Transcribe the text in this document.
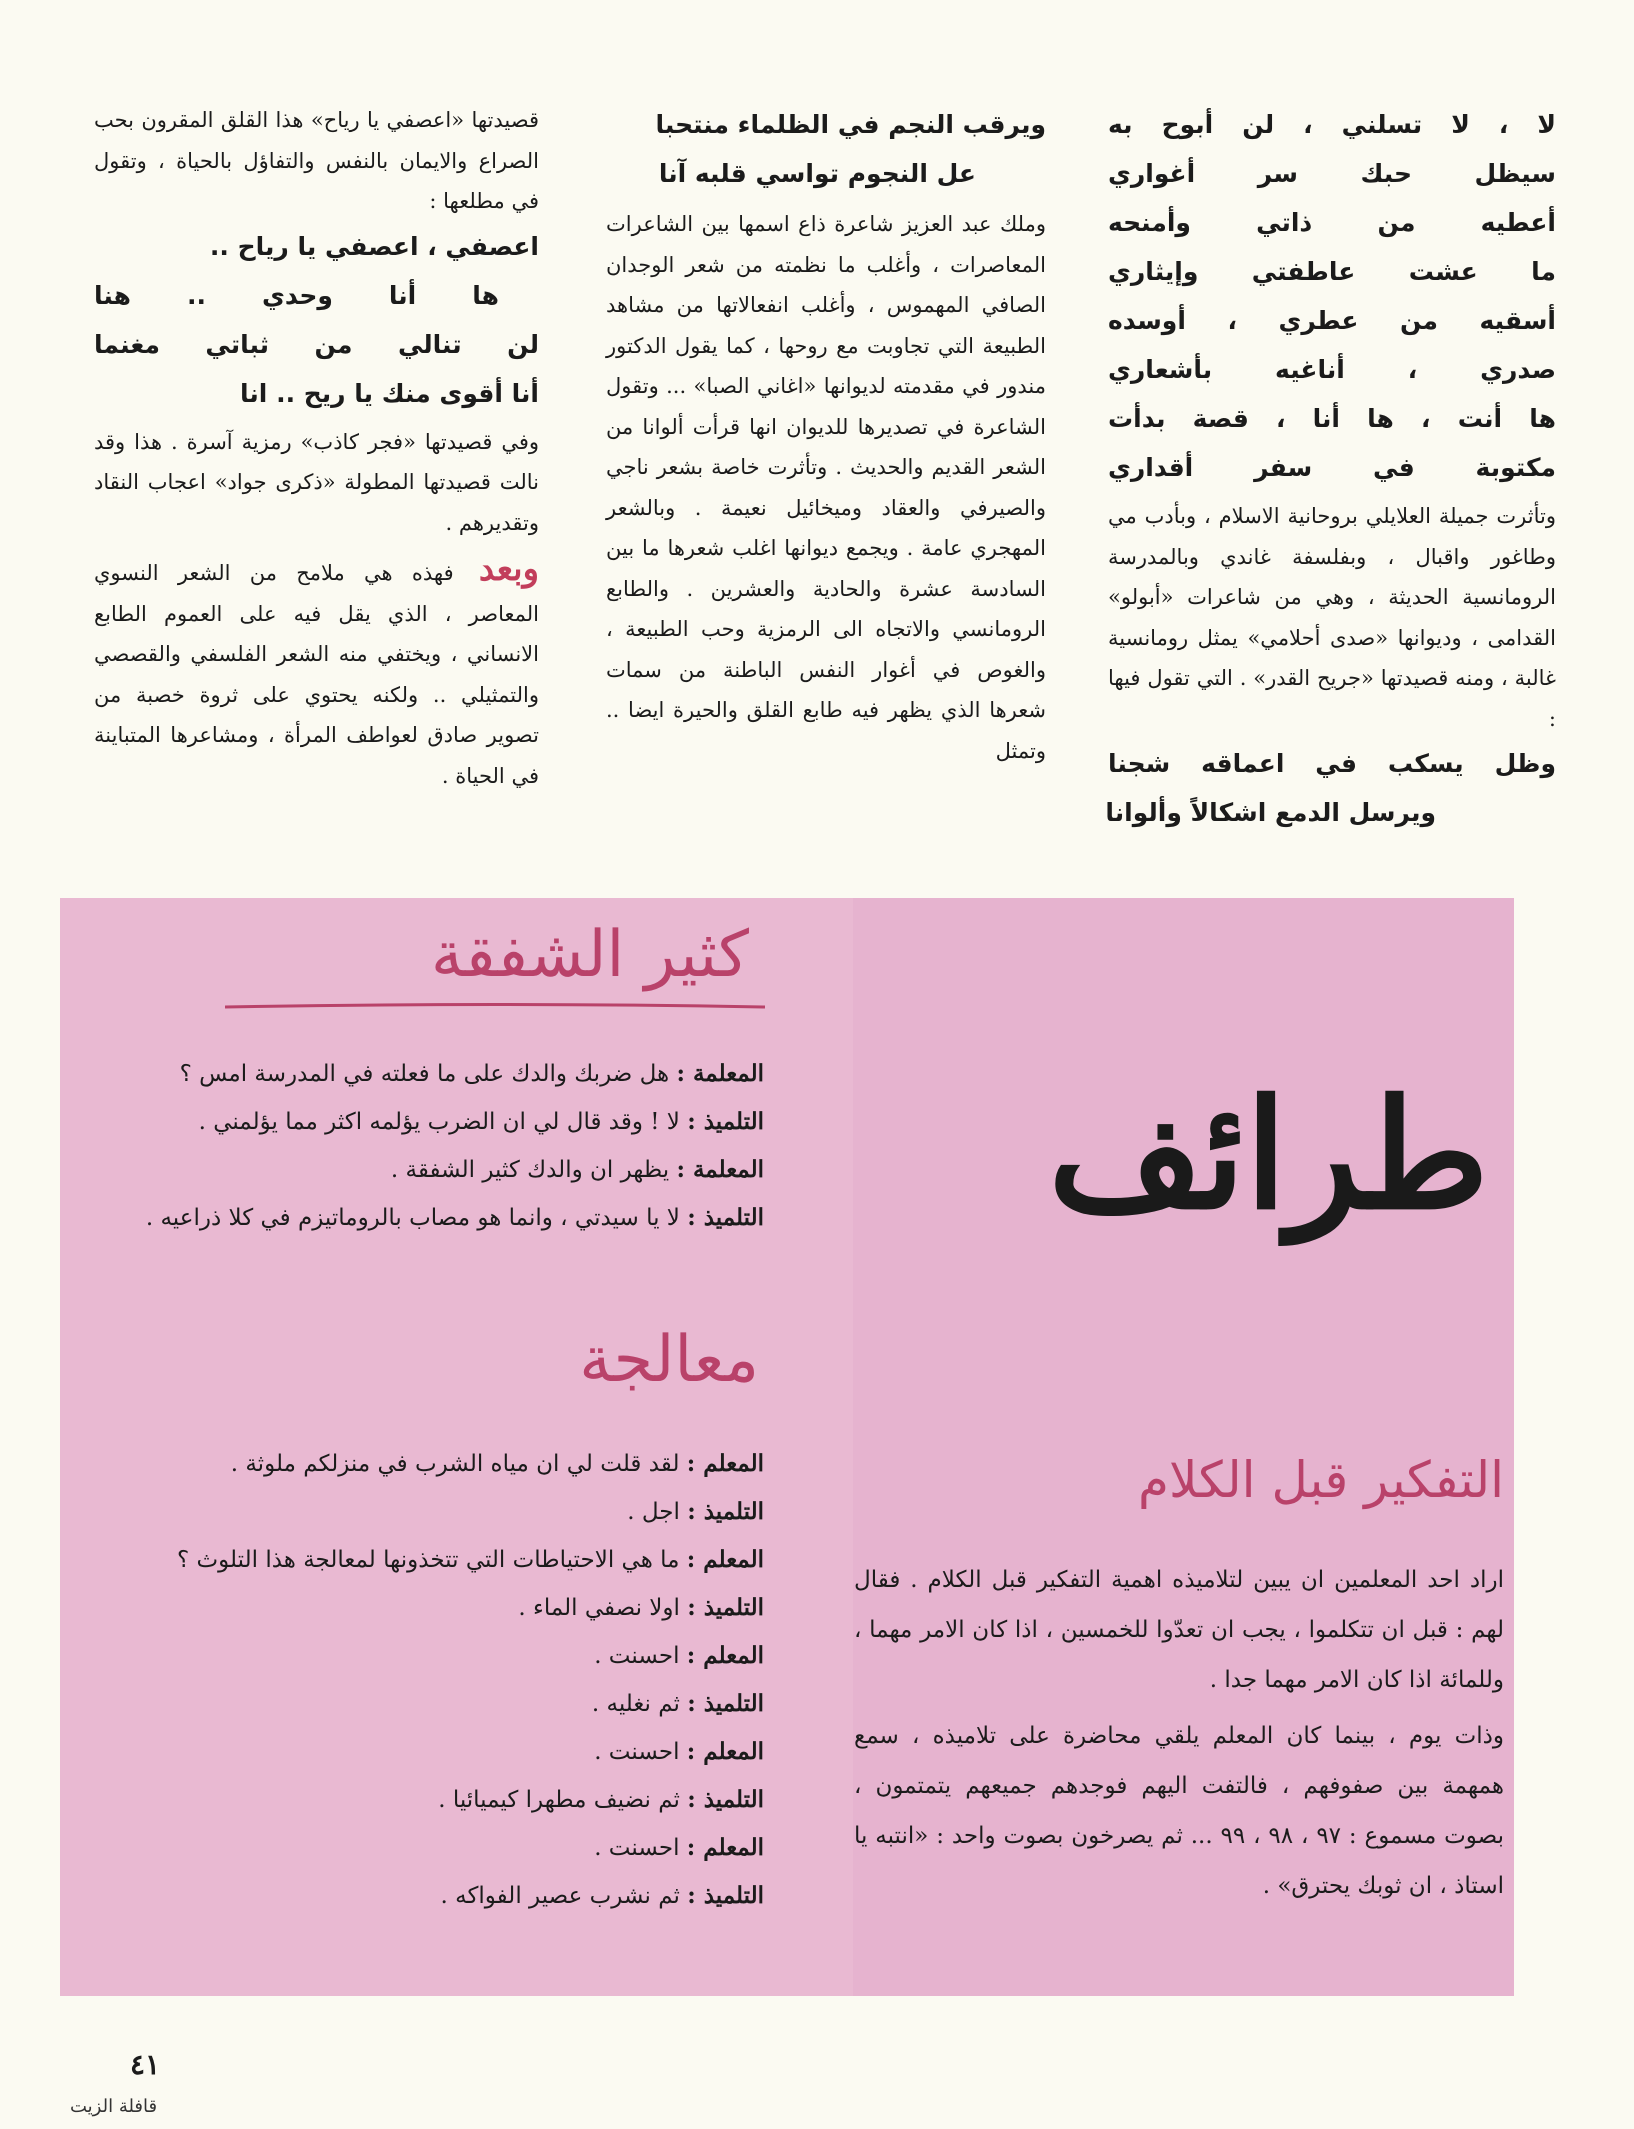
لا ، لا تسلني ، لن أبوح به
سيظل حبك سر أغواري
أعطيه من ذاتي وأمنحه
ما عشت عاطفتي وإيثاري
أسقيه من عطري ، أوسده
صدري ، أناغيه بأشعاري
ها أنت ، ها أنا ، قصة بدأت
مكتوبة في سفر أقداري

وتأثرت جميلة العلايلي بروحانية الاسلام ، وبأدب مي وطاغور واقبال ، وبفلسفة غاندي وبالمدرسة الرومانسية الحديثة ، وهي من شاعرات «أبولو» القدامى ، وديوانها «صدى أحلامي» يمثل رومانسية غالبة ، ومنه قصيدتها «جريح القدر» . التي تقول فيها :

وظل يسكب في اعماقه شجنا
ويرسل الدمع اشكالاً وألوانا
ويرقب النجم في الظلماء منتحبا
عل النجوم تواسي قلبه آنا

وملك عبد العزيز شاعرة ذاع اسمها بين الشاعرات المعاصرات ، وأغلب ما نظمته من شعر الوجدان الصافي المهموس ، وأغلب انفعالاتها من مشاهد الطبيعة التي تجاوبت مع روحها ، كما يقول الدكتور مندور في مقدمته لديوانها «اغاني الصبا» ... وتقول الشاعرة في تصديرها للديوان انها قرأت ألوانا من الشعر القديم والحديث . وتأثرت خاصة بشعر ناجي والصيرفي والعقاد وميخائيل نعيمة . وبالشعر المهجري عامة . ويجمع ديوانها اغلب شعرها ما بين السادسة عشرة والحادية والعشرين . والطابع الرومانسي والاتجاه الى الرمزية وحب الطبيعة ، والغوص في أغوار النفس الباطنة من سمات شعرها الذي يظهر فيه طابع القلق والحيرة ايضا .. وتمثل

قصيدتها «اعصفي يا رياح» هذا القلق المقرون بحب الصراع والايمان بالنفس والتفاؤل بالحياة ، وتقول في مطلعها :

اعصفي ، اعصفي يا رياح ..
ها أنا وحدي .. هنا
لن تنالي من ثباتي مغنما
أنا أقوى منك يا ريح .. انا

وفي قصيدتها «فجر كاذب» رمزية آسرة . هذا وقد نالت قصيدتها المطولة «ذكرى جواد» اعجاب النقاد وتقديرهم .

وبعد فهذه هي ملامح من الشعر النسوي المعاصر ، الذي يقل فيه على العموم الطابع الانساني ، ويختفي منه الشعر الفلسفي والقصصي والتمثيلي .. ولكنه يحتوي على ثروة خصبة من تصوير صادق لعواطف المرأة ، ومشاعرها المتباينة في الحياة .

طرائف
كثير الشفقة

المعلمة : هل ضربك والدك على ما فعلته في المدرسة امس ؟

التلميذ : لا ! وقد قال لي ان الضرب يؤلمه اكثر مما يؤلمني .

المعلمة : يظهر ان والدك كثير الشفقة .

التلميذ : لا يا سيدتي ، وانما هو مصاب بالروماتيزم في كلا ذراعيه .

معالجة

المعلم : لقد قلت لي ان مياه الشرب في منزلكم ملوثة .

التلميذ : اجل .

المعلم : ما هي الاحتياطات التي تتخذونها لمعالجة هذا التلوث ؟

التلميذ : اولا نصفي الماء .

المعلم : احسنت .

التلميذ : ثم نغليه .

المعلم : احسنت .

التلميذ : ثم نضيف مطهرا كيميائيا .

المعلم : احسنت .

التلميذ : ثم نشرب عصير الفواكه .

التفكير قبل الكلام

اراد احد المعلمين ان يبين لتلاميذه اهمية التفكير قبل الكلام . فقال لهم : قبل ان تتكلموا ، يجب ان تعدّوا للخمسين ، اذا كان الامر مهما ، وللمائة اذا كان الامر مهما جدا .

وذات يوم ، بينما كان المعلم يلقي محاضرة على تلاميذه ، سمع همهمة بين صفوفهم ، فالتفت اليهم فوجدهم جميعهم يتمتمون ، بصوت مسموع : ٩٧ ، ٩٨ ، ٩٩ ... ثم يصرخون بصوت واحد : «انتبه يا استاذ ، ان ثوبك يحترق» .

٤١
قافلة الزيت
